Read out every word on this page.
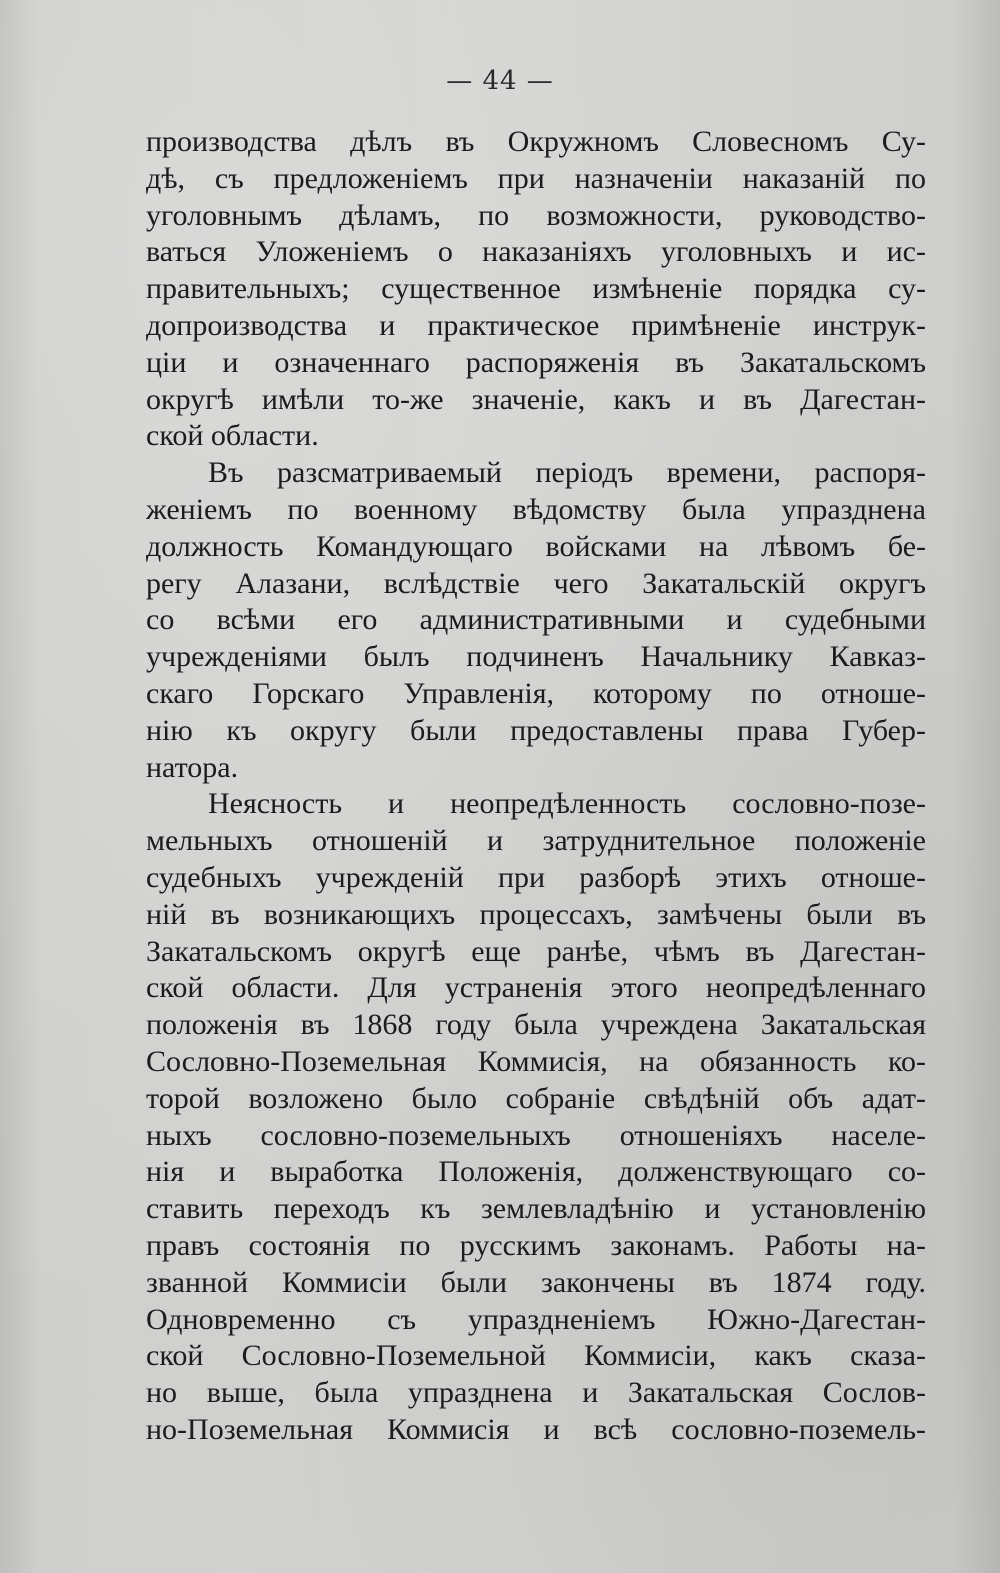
— 44 —
производства дѣлъ въ Окружномъ Словесномъ Су-
дѣ, съ предложеніемъ при назначеніи наказаній по
уголовнымъ дѣламъ, по возможности, руководство-
ваться Уложеніемъ о наказаніяхъ уголовныхъ и ис-
правительныхъ; существенное измѣненіе порядка су-
допроизводства и практическое примѣненіе инструк-
ціи и означеннаго распоряженія въ Закатальскомъ
округѣ имѣли то-же значеніе, какъ и въ Дагестан-
ской области.
Въ разсматриваемый періодъ времени, распоря-
женіемъ по военному вѣдомству была упразднена
должность Командующаго войсками на лѣвомъ бе-
регу Алазани, вслѣдствіе чего Закатальскій округъ
со всѣми его административными и судебными
учрежденіями былъ подчиненъ Начальнику Кавказ-
скаго Горскаго Управленія, которому по отноше-
нію къ округу были предоставлены права Губер-
натора.
Неясность и неопредѣленность сословно-позе-
мельныхъ отношеній и затруднительное положеніе
судебныхъ учрежденій при разборѣ этихъ отноше-
ній въ возникающихъ процессахъ, замѣчены были въ
Закатальскомъ округѣ еще ранѣе, чѣмъ въ Дагестан-
ской области. Для устраненія этого неопредѣленнаго
положенія въ 1868 году была учреждена Закатальская
Сословно-Поземельная Коммисія, на обязанность ко-
торой возложено было собраніе свѣдѣній объ адат-
ныхъ сословно-поземельныхъ отношеніяхъ населе-
нія и выработка Положенія, долженствующаго со-
ставить переходъ къ землевладѣнію и установленію
правъ состоянія по русскимъ законамъ. Работы на-
званной Коммисіи были закончены въ 1874 году.
Одновременно съ упраздненіемъ Южно-Дагестан-
ской Сословно-Поземельной Коммисіи, какъ сказа-
но выше, была упразднена и Закатальская Сослов-
но-Поземельная Коммисія и всѣ сословно-поземель-
